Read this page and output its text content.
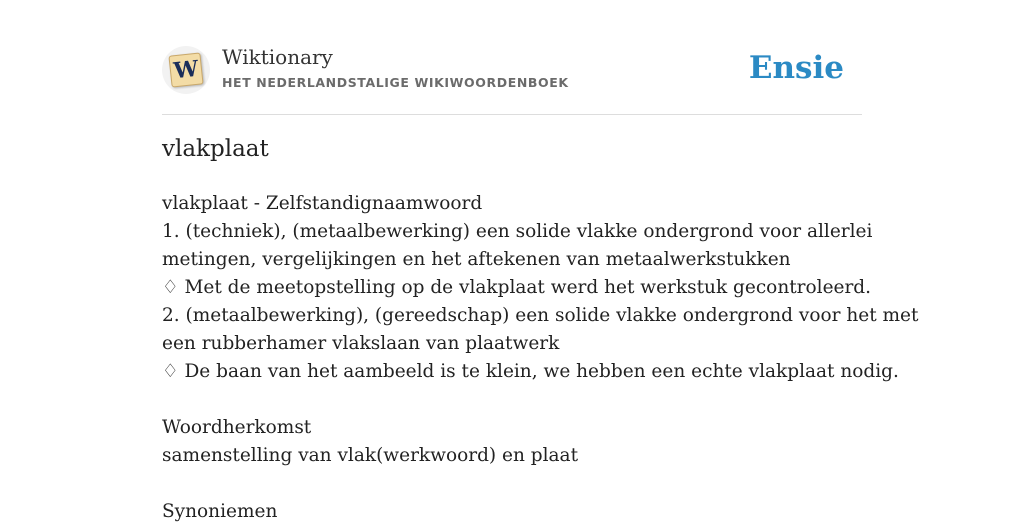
W Wiktionary
HET NEDERLANDSTALIGE WIKIWOORDENBOEK	Ensie
vlakplaat
vlakplaat - Zelfstandignaamwoord
1. (techniek), (metaalbewerking) een solide vlakke ondergrond voor allerlei
metingen, vergelijkingen en het aftekenen van metaalwerkstukken
♢ Met de meetopstelling op de vlakplaat werd het werkstuk gecontroleerd.
2. (metaalbewerking), (gereedschap) een solide vlakke ondergrond voor het met
een rubberhamer vlakslaan van plaatwerk
♢ De baan van het aambeeld is te klein, we hebben een echte vlakplaat nodig.
Woordherkomst
samenstelling van vlak(werkwoord) en plaat
Synoniemen
